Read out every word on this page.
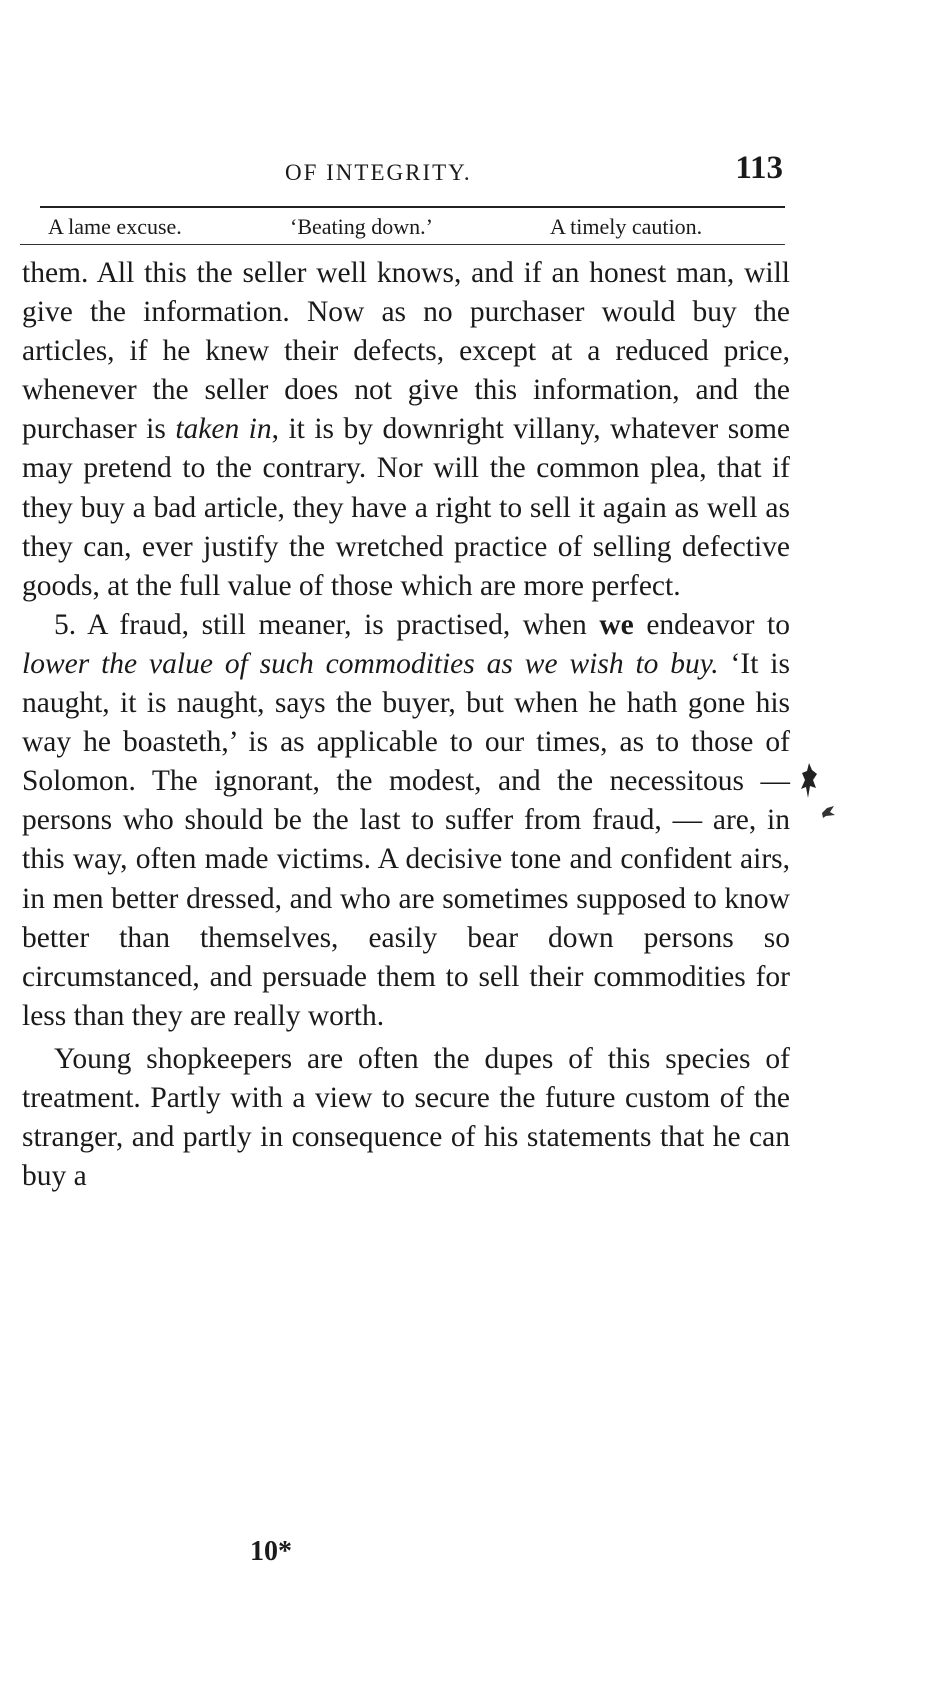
OF INTEGRITY.	113
A lame excuse.	‘Beating down.’	A timely caution.

them. All this the seller well knows, and if an honest man, will give the information. Now as no purchaser would buy the articles, if he knew their defects, except at a reduced price, whenever the seller does not give this information, and the purchaser is taken in, it is by downright villany, whatever some may pretend to the contrary. Nor will the common plea, that if they buy a bad article, they have a right to sell it again as well as they can, ever justify the wretched practice of selling defective goods, at the full value of those which are more perfect.

5. A fraud, still meaner, is practised, when we endeavor to lower the value of such commodities as we wish to buy. ‘It is naught, it is naught, says the buyer, but when he hath gone his way he boasteth,’ is as applicable to our times, as to those of Solomon. The ignorant, the modest, and the necessitous — persons who should be the last to suffer from fraud, — are, in this way, often made victims. A decisive tone and confident airs, in men better dressed, and who are sometimes supposed to know better than themselves, easily bear down persons so circumstanced, and persuade them to sell their commodities for less than they are really worth.

Young shopkeepers are often the dupes of this species of treatment. Partly with a view to secure the future custom of the stranger, and partly in consequence of his statements that he can buy a

10*
